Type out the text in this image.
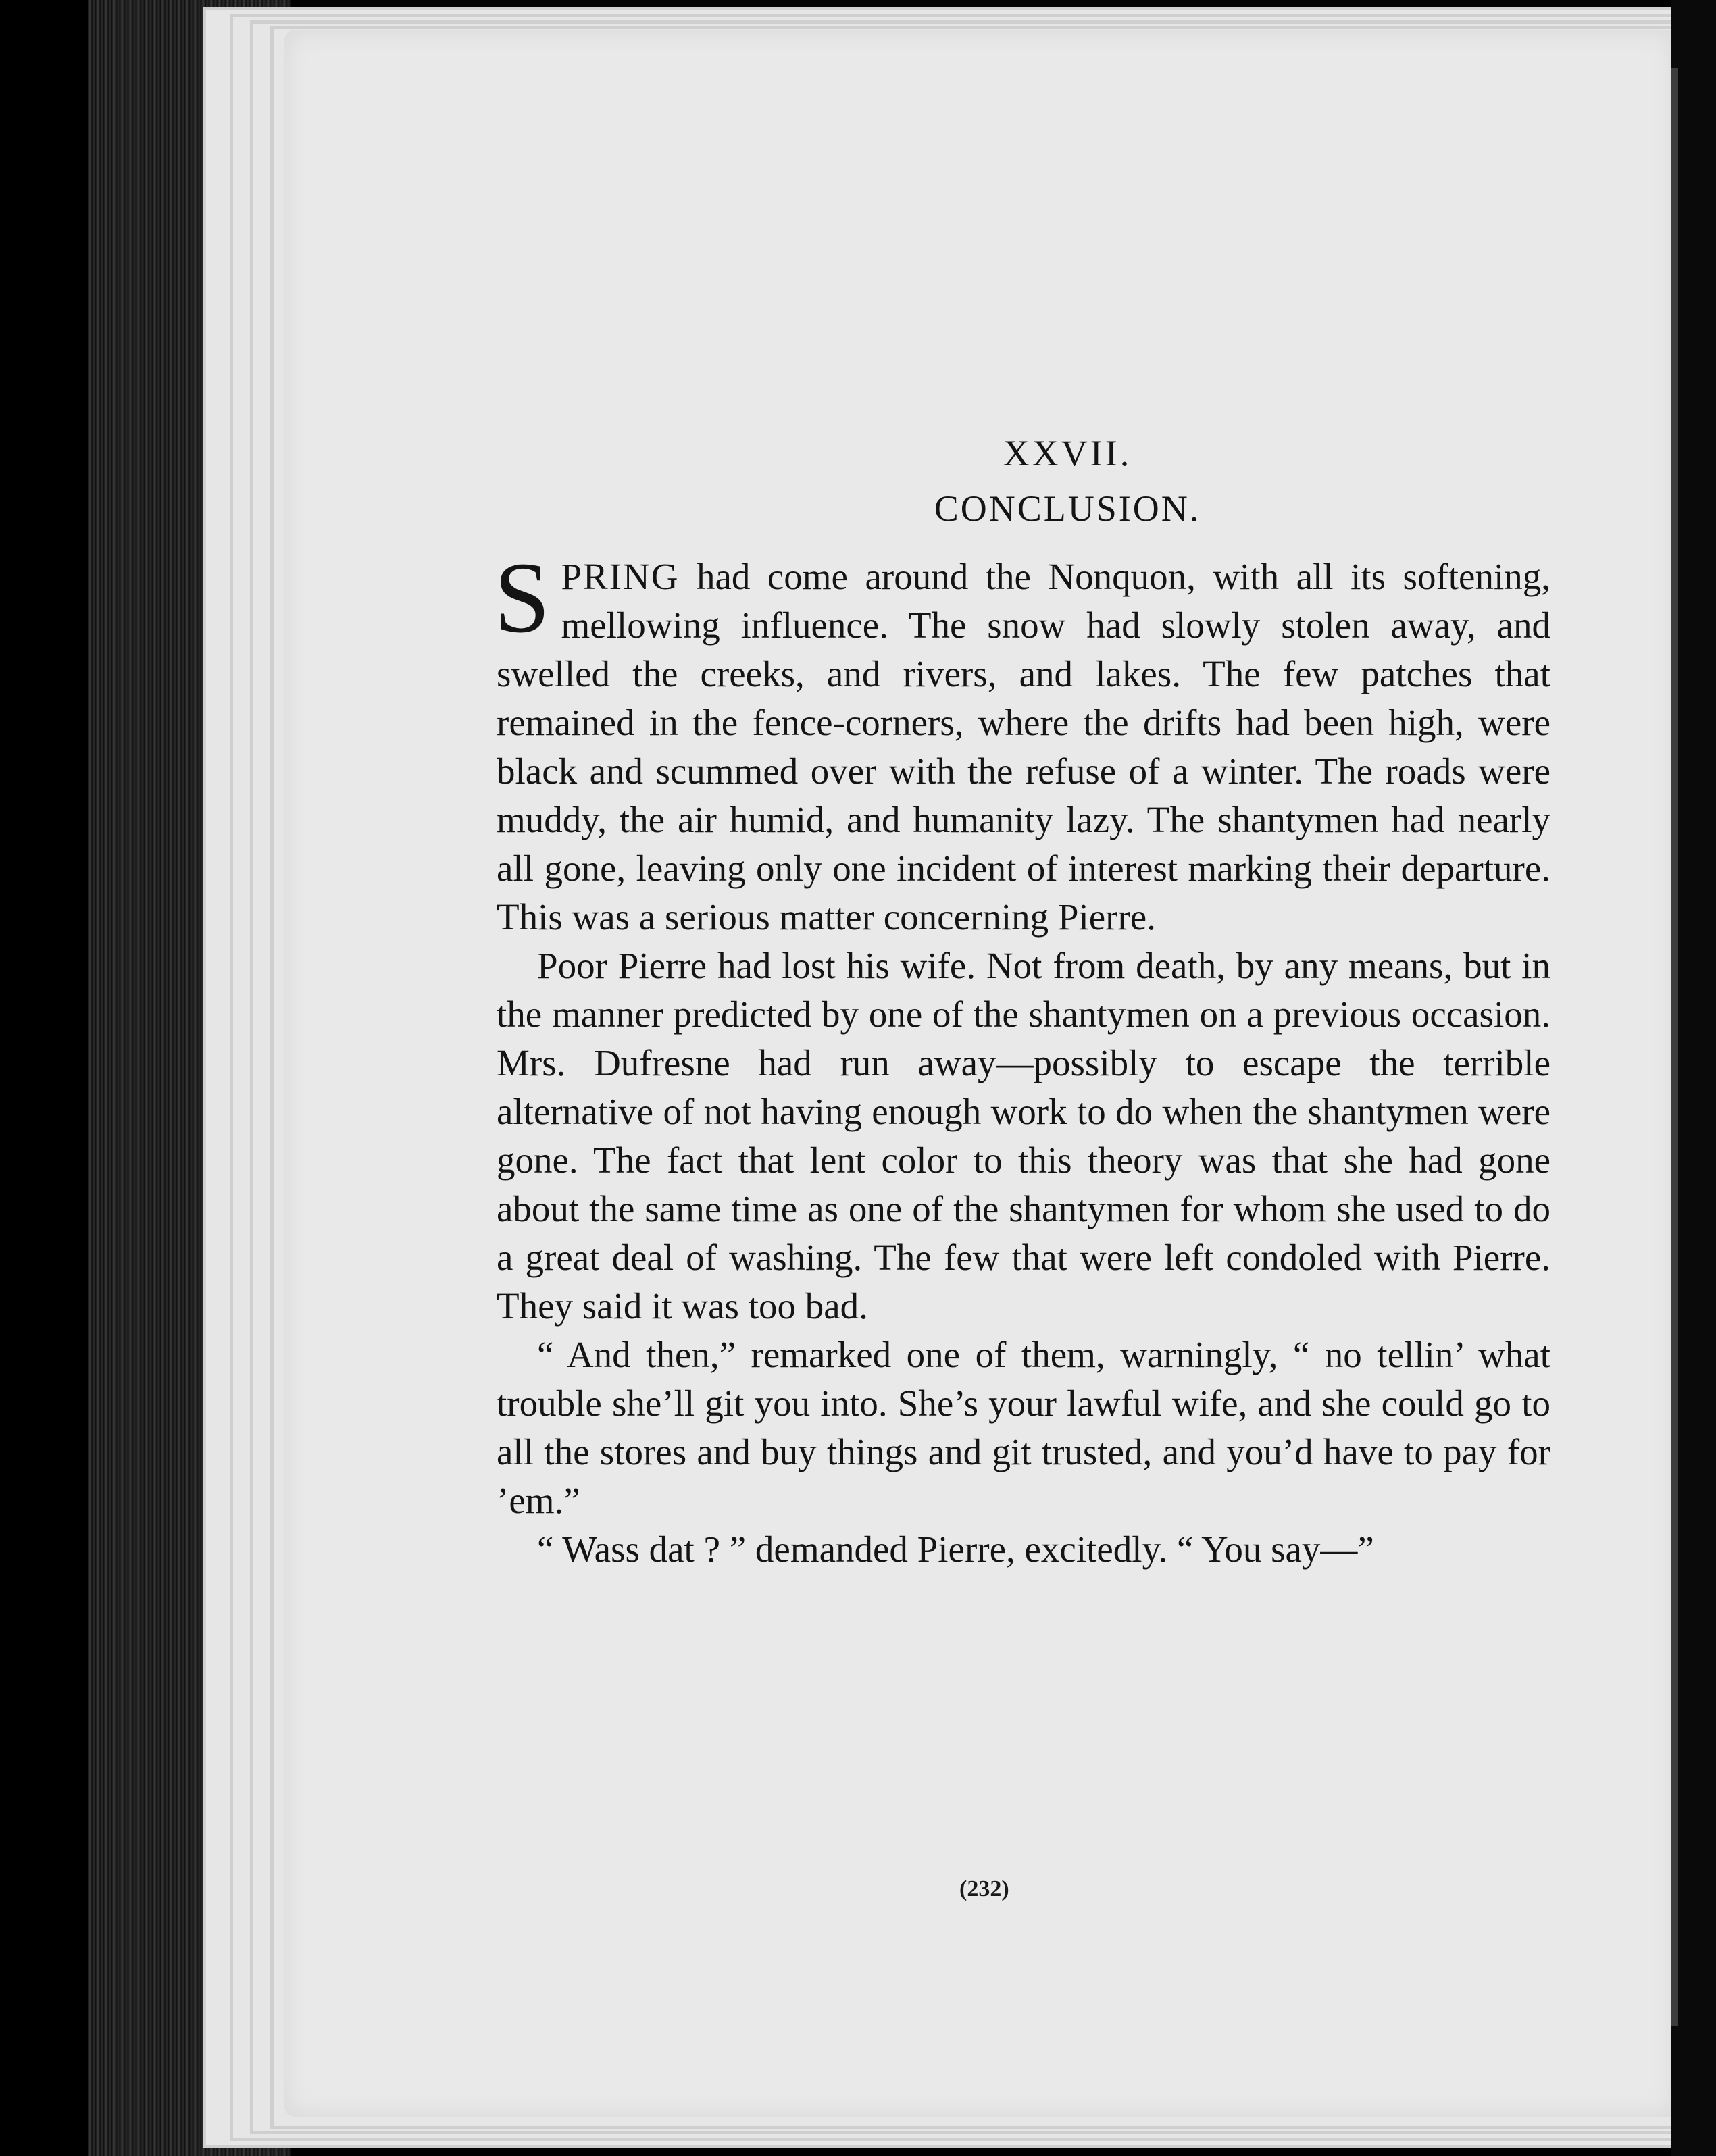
XXVII.
CONCLUSION.

SPRING had come around the Nonquon, with all its softening, mellowing influence. The snow had slowly stolen away, and swelled the creeks, and rivers, and lakes. The few patches that remained in the fence-corners, where the drifts had been high, were black and scummed over with the refuse of a winter. The roads were muddy, the air humid, and humanity lazy. The shantymen had nearly all gone, leaving only one incident of interest marking their departure. This was a serious matter concerning Pierre.

Poor Pierre had lost his wife. Not from death, by any means, but in the manner predicted by one of the shantymen on a previous occasion. Mrs. Dufresne had run away—possibly to escape the terrible alternative of not having enough work to do when the shantymen were gone. The fact that lent color to this theory was that she had gone about the same time as one of the shantymen for whom she used to do a great deal of washing. The few that were left condoled with Pierre. They said it was too bad.

“ And then,” remarked one of them, warningly, “ no tellin’ what trouble she’ll git you into. She’s your lawful wife, and she could go to all the stores and buy things and git trusted, and you’d have to pay for ’em.”

“ Wass dat ? ” demanded Pierre, excitedly. “ You say—”

(232)
